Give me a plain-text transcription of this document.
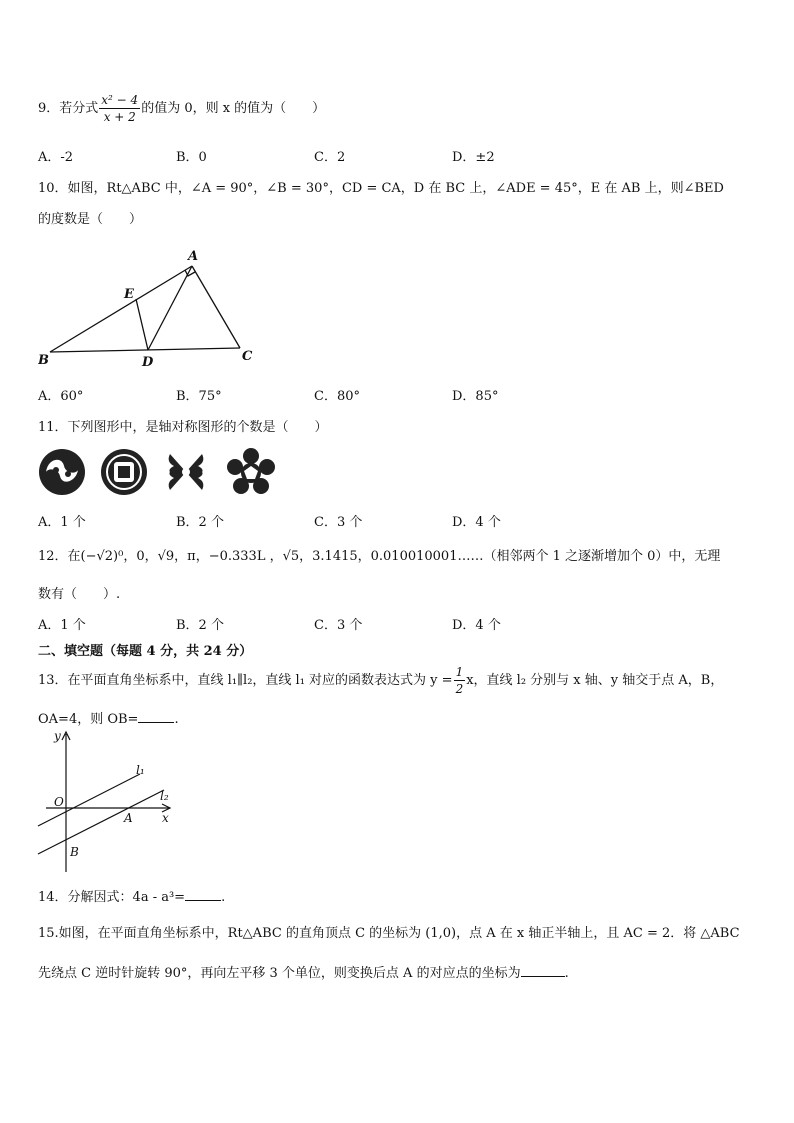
9．若分式 $\frac{\text{x² − 4}}{x + 2}$ 的值为 0，则 x 的值为（　　）
A．-2	B．0	C．2	D．±2
10．如图，Rt△ABC 中，∠A = 90°，∠B = 30°，CD = CA，D 在 BC 上，∠ADE = 45°，E 在 AB 上，则∠BED
的度数是（　　）
A
B	C
D
E
A．60°	B．75°	C．80°	D．85°
11．下列图形中，是轴对称图形的个数是（　　）
A．1 个	B．2 个	C．3 个	D．4 个
12．在(−√2)⁰，0，√9，π，−0.333L ，√5，3.1415，0.010010001……（相邻两个 1 之逐渐增加个 0）中，无理
数有（　　）.
A．1 个	B．2 个	C．3 个	D．4 个
二、填空题（每题 4 分，共 24 分）
13．在平面直角坐标系中，直线 l₁∥l₂，直线 l₁ 对应的函数表达式为 $y = \frac{1}{2}$ x，直线 l₂ 分别与 x 轴、y 轴交于点 A，B，
OA=4，则 OB=	.
y
x
O
A
B
l₁
l₂
14．分解因式：4a - a³=	.
15.如图，在平面直角坐标系中，Rt△ABC 的直角顶点 C 的坐标为 (1,0)，点 A 在 x 轴正半轴上，且 AC = 2．将 △ABC
先绕点 C 逆时针旋转 90°，再向左平移 3 个单位，则变换后点 A 的对应点的坐标为	.
